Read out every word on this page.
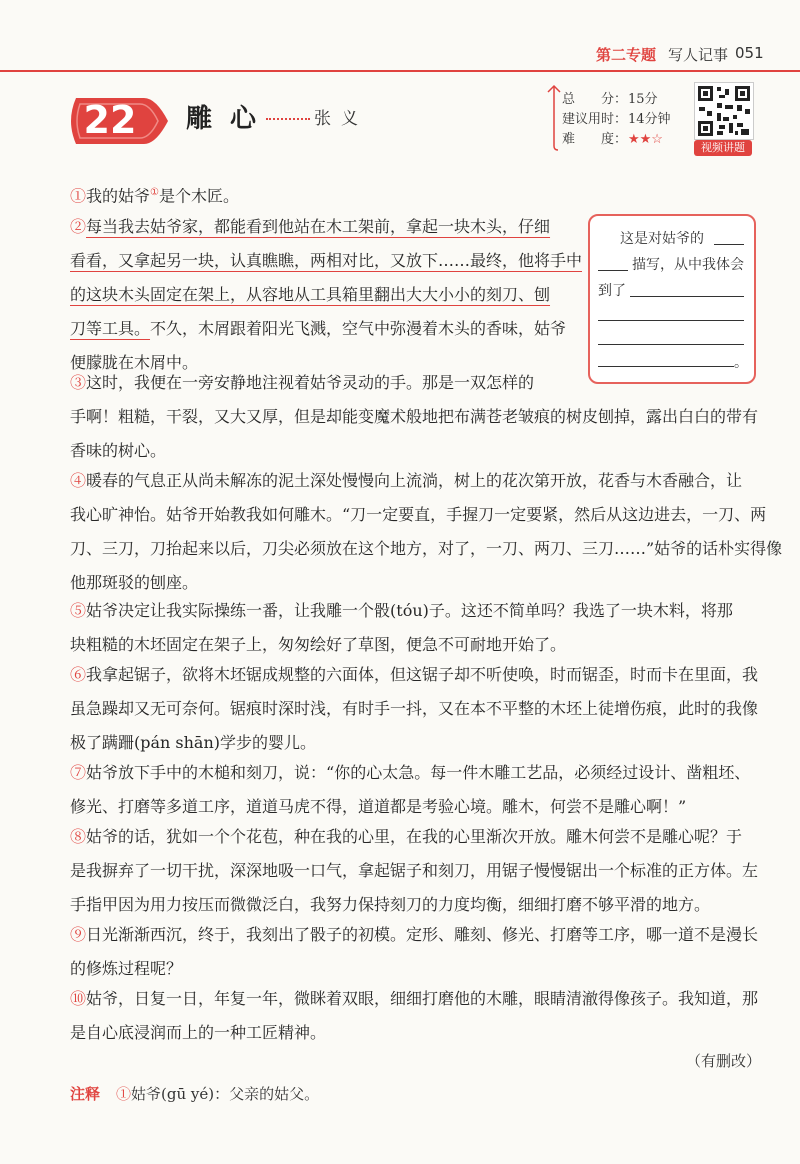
第二专题 写人记事 051
22	雕心 张义
总　　分：15分
建议用时：14分钟
难　　度：★★☆
视频讲题
①我的姑爷①是个木匠。
②每当我去姑爷家，都能看到他站在木工架前，拿起一块木头，仔细
看看，又拿起另一块，认真瞧瞧，两相对比，又放下……最终，他将手中
的这块木头固定在架上，从容地从工具箱里翻出大大小小的刻刀、刨
刀等工具。不久，木屑跟着阳光飞溅，空气中弥漫着木头的香味，姑爷
便朦胧在木屑中。
这是对姑爷的
描写，从中我体会
到了
。
③这时，我便在一旁安静地注视着姑爷灵动的手。那是一双怎样的
手啊！粗糙，干裂，又大又厚，但是却能变魔术般地把布满苍老皱痕的树皮刨掉，露出白白的带有
香味的树心。
④暖春的气息正从尚未解冻的泥土深处慢慢向上流淌，树上的花次第开放，花香与木香融合，让
我心旷神怡。姑爷开始教我如何雕木。“刀一定要直，手握刀一定要紧，然后从这边进去，一刀、两
刀、三刀，刀抬起来以后，刀尖必须放在这个地方，对了，一刀、两刀、三刀……”姑爷的话朴实得像
他那斑驳的刨座。
⑤姑爷决定让我实际操练一番，让我雕一个骰(tóu)子。这还不简单吗？我选了一块木料，将那
块粗糙的木坯固定在架子上，匆匆绘好了草图，便急不可耐地开始了。
⑥我拿起锯子，欲将木坯锯成规整的六面体，但这锯子却不听使唤，时而锯歪，时而卡在里面，我
虽急躁却又无可奈何。锯痕时深时浅，有时手一抖，又在本不平整的木坯上徒增伤痕，此时的我像
极了蹒跚(pán shān)学步的婴儿。
⑦姑爷放下手中的木槌和刻刀，说：“你的心太急。每一件木雕工艺品，必须经过设计、凿粗坯、
修光、打磨等多道工序，道道马虎不得，道道都是考验心境。雕木，何尝不是雕心啊！”
⑧姑爷的话，犹如一个个花苞，种在我的心里，在我的心里渐次开放。雕木何尝不是雕心呢？于
是我摒弃了一切干扰，深深地吸一口气，拿起锯子和刻刀，用锯子慢慢锯出一个标准的正方体。左
手指甲因为用力按压而微微泛白，我努力保持刻刀的力度均衡，细细打磨不够平滑的地方。
⑨日光渐渐西沉，终于，我刻出了骰子的初模。定形、雕刻、修光、打磨等工序，哪一道不是漫长
的修炼过程呢？
⑩姑爷，日复一日，年复一年，微眯着双眼，细细打磨他的木雕，眼睛清澈得像孩子。我知道，那
是自心底浸润而上的一种工匠精神。
（有删改）
注释 ①姑爷(gū yé)：父亲的姑父。
